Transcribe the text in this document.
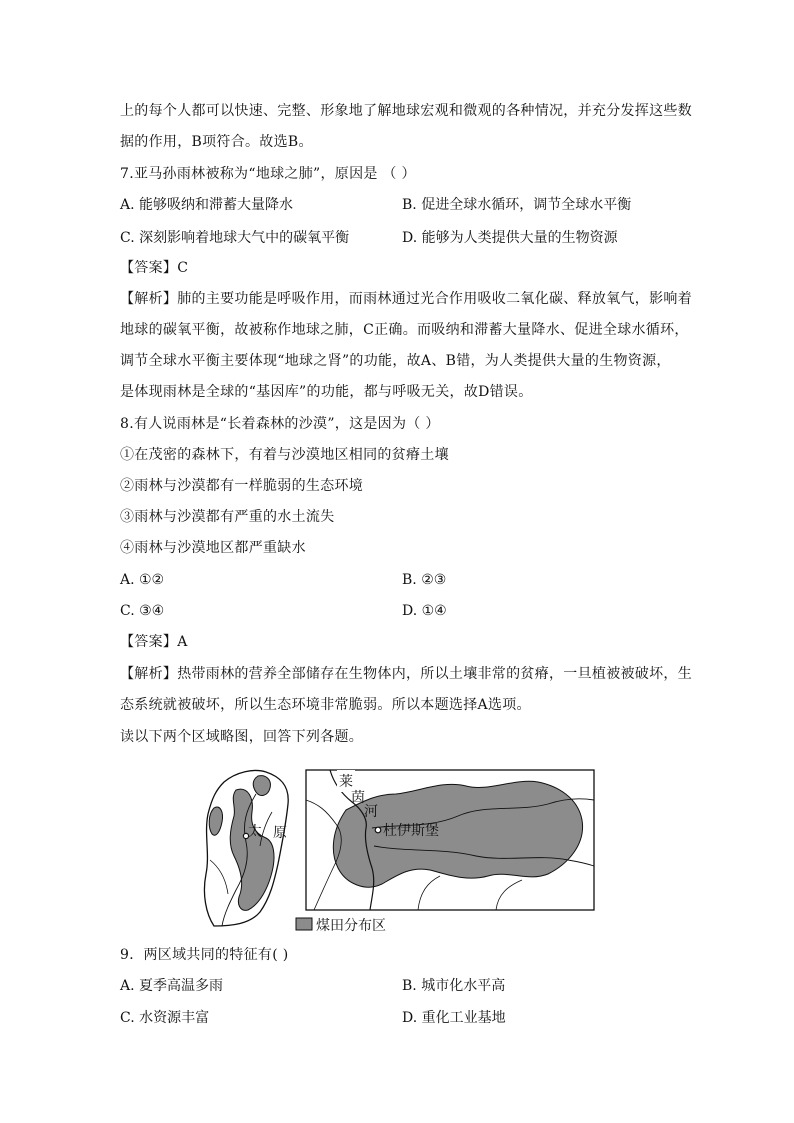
上的每个人都可以快速、完整、形象地了解地球宏观和微观的各种情况，并充分发挥这些数
据的作用，B项符合。故选B。
7.亚马孙雨林被称为“地球之肺”，原因是 （ ）
A. 能够吸纳和滞蓄大量降水	B. 促进全球水循环，调节全球水平衡
C. 深刻影响着地球大气中的碳氧平衡	D. 能够为人类提供大量的生物资源
【答案】C
【解析】肺的主要功能是呼吸作用，而雨林通过光合作用吸收二氧化碳、释放氧气，影响着
地球的碳氧平衡，故被称作地球之肺，C正确。而吸纳和滞蓄大量降水、促进全球水循环，
调节全球水平衡主要体现“地球之肾”的功能，故A、B错，为人类提供大量的生物资源，
是体现雨林是全球的“基因库”的功能，都与呼吸无关，故D错误。
8.有人说雨林是“长着森林的沙漠”，这是因为（ ）
①在茂密的森林下，有着与沙漠地区相同的贫瘠土壤
②雨林与沙漠都有一样脆弱的生态环境
③雨林与沙漠都有严重的水土流失
④雨林与沙漠地区都严重缺水
A. ①②	B. ②③
C. ③④	D. ①④
【答案】A
【解析】热带雨林的营养全部储存在生物体内，所以土壤非常的贫瘠，一旦植被被破坏，生
态系统就被破坏，所以生态环境非常脆弱。所以本题选择A选项。
读以下两个区域略图，回答下列各题。
太 原
莱
茵
河
杜伊斯堡
煤田分布区
9．两区域共同的特征有( )
A. 夏季高温多雨	B. 城市化水平高
C. 水资源丰富	D. 重化工业基地
